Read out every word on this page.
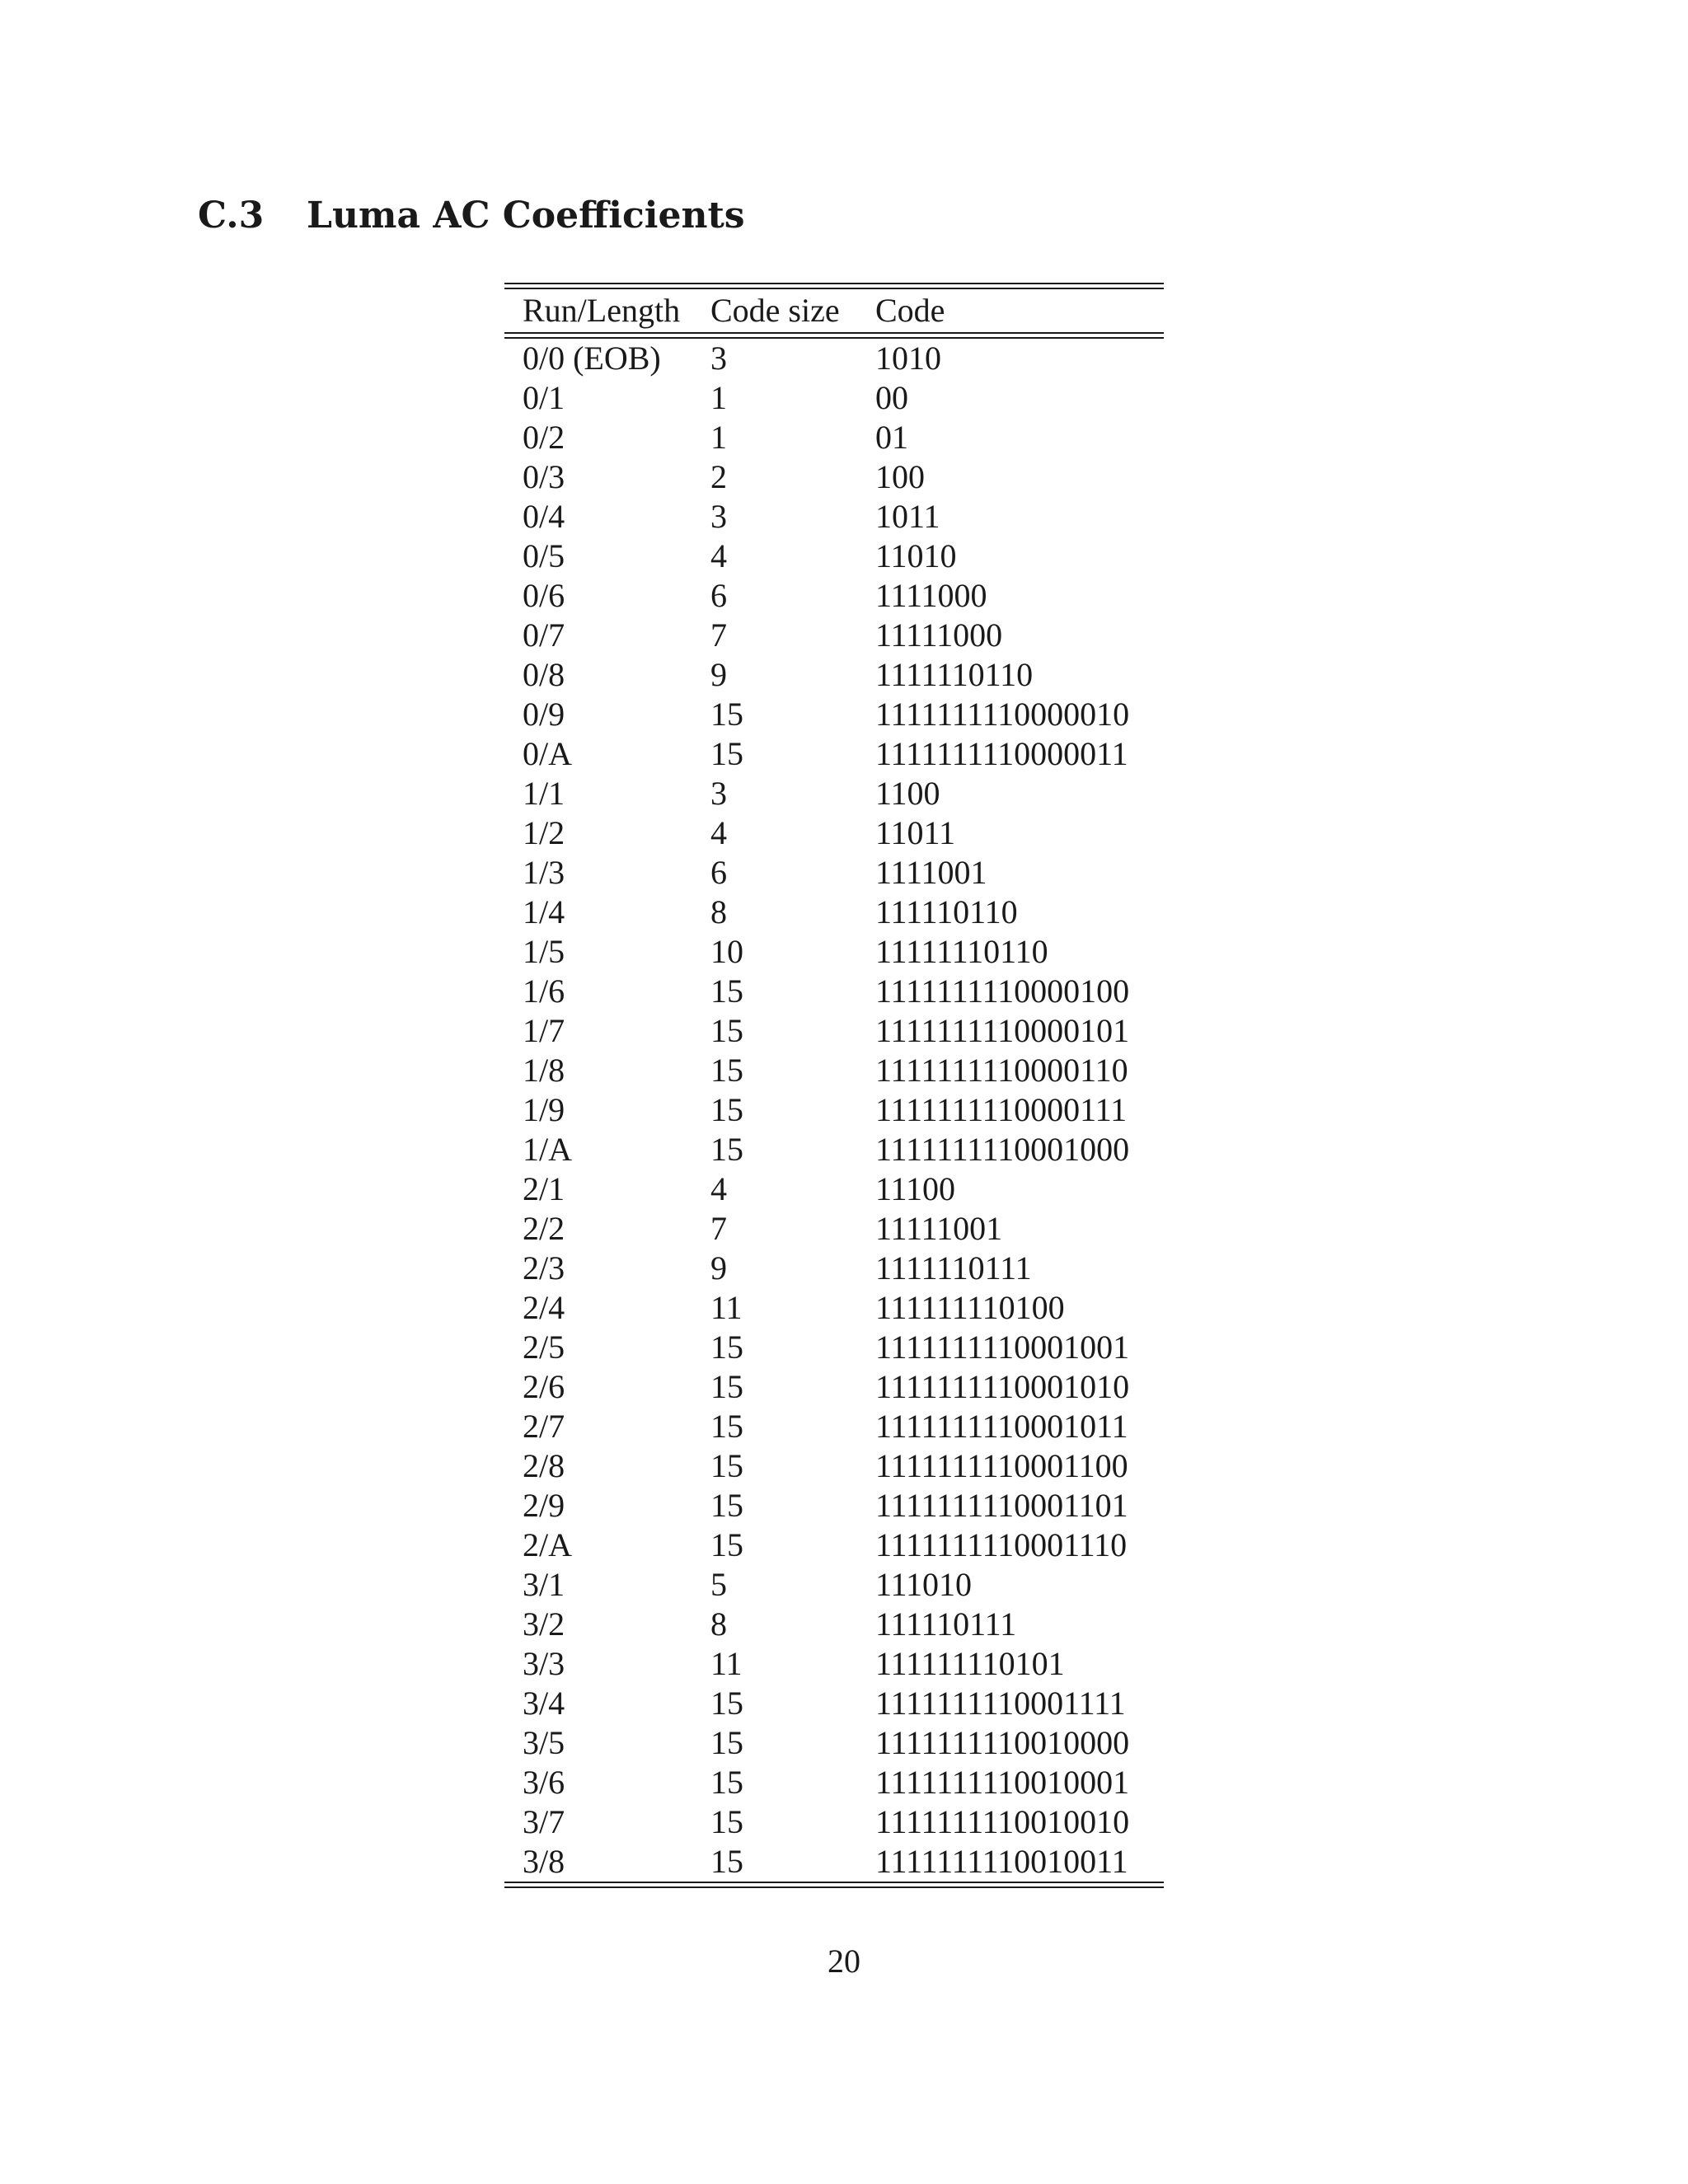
C.3 Luma AC Coefficients
Run/Length	Code size	Code
0/0 (EOB)	3	1010
0/1	1	00
0/2	1	01
0/3	2	100
0/4	3	1011
0/5	4	11010
0/6	6	1111000
0/7	7	11111000
0/8	9	1111110110
0/9	15	1111111110000010
0/A	15	1111111110000011
1/1	3	1100
1/2	4	11011
1/3	6	1111001
1/4	8	111110110
1/5	10	11111110110
1/6	15	1111111110000100
1/7	15	1111111110000101
1/8	15	1111111110000110
1/9	15	1111111110000111
1/A	15	1111111110001000
2/1	4	11100
2/2	7	11111001
2/3	9	1111110111
2/4	11	111111110100
2/5	15	1111111110001001
2/6	15	1111111110001010
2/7	15	1111111110001011
2/8	15	1111111110001100
2/9	15	1111111110001101
2/A	15	1111111110001110
3/1	5	111010
3/2	8	111110111
3/3	11	111111110101
3/4	15	1111111110001111
3/5	15	1111111110010000
3/6	15	1111111110010001
3/7	15	1111111110010010
3/8	15	1111111110010011
20
